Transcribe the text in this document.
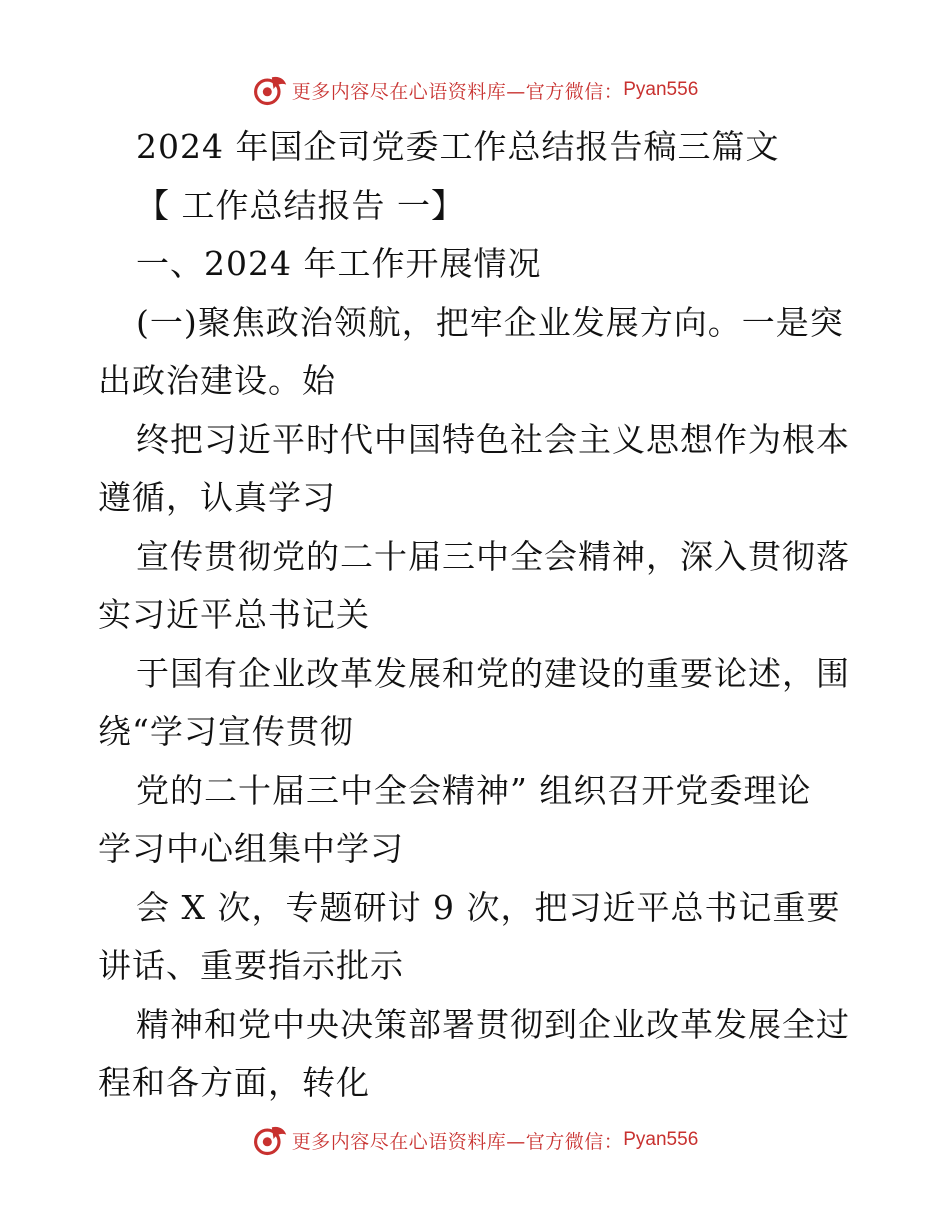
更多内容尽在心语资料库—官方微信： Pyan556
2024 年国企司党委工作总结报告稿三篇文
【 工作总结报告 一】
一、2024 年工作开展情况
(一)聚焦政治领航，把牢企业发展方向。一是突
出政治建设。始
终把习近平时代中国特色社会主义思想作为根本
遵循，认真学习
宣传贯彻党的二十届三中全会精神，深入贯彻落
实习近平总书记关
于国有企业改革发展和党的建设的重要论述，围
绕“学习宣传贯彻
党的二十届三中全会精神” 组织召开党委理论
学习中心组集中学习
会 X 次，专题研讨 9 次，把习近平总书记重要
讲话、重要指示批示
精神和党中央决策部署贯彻到企业改革发展全过
程和各方面，转化
更多内容尽在心语资料库—官方微信： Pyan556
